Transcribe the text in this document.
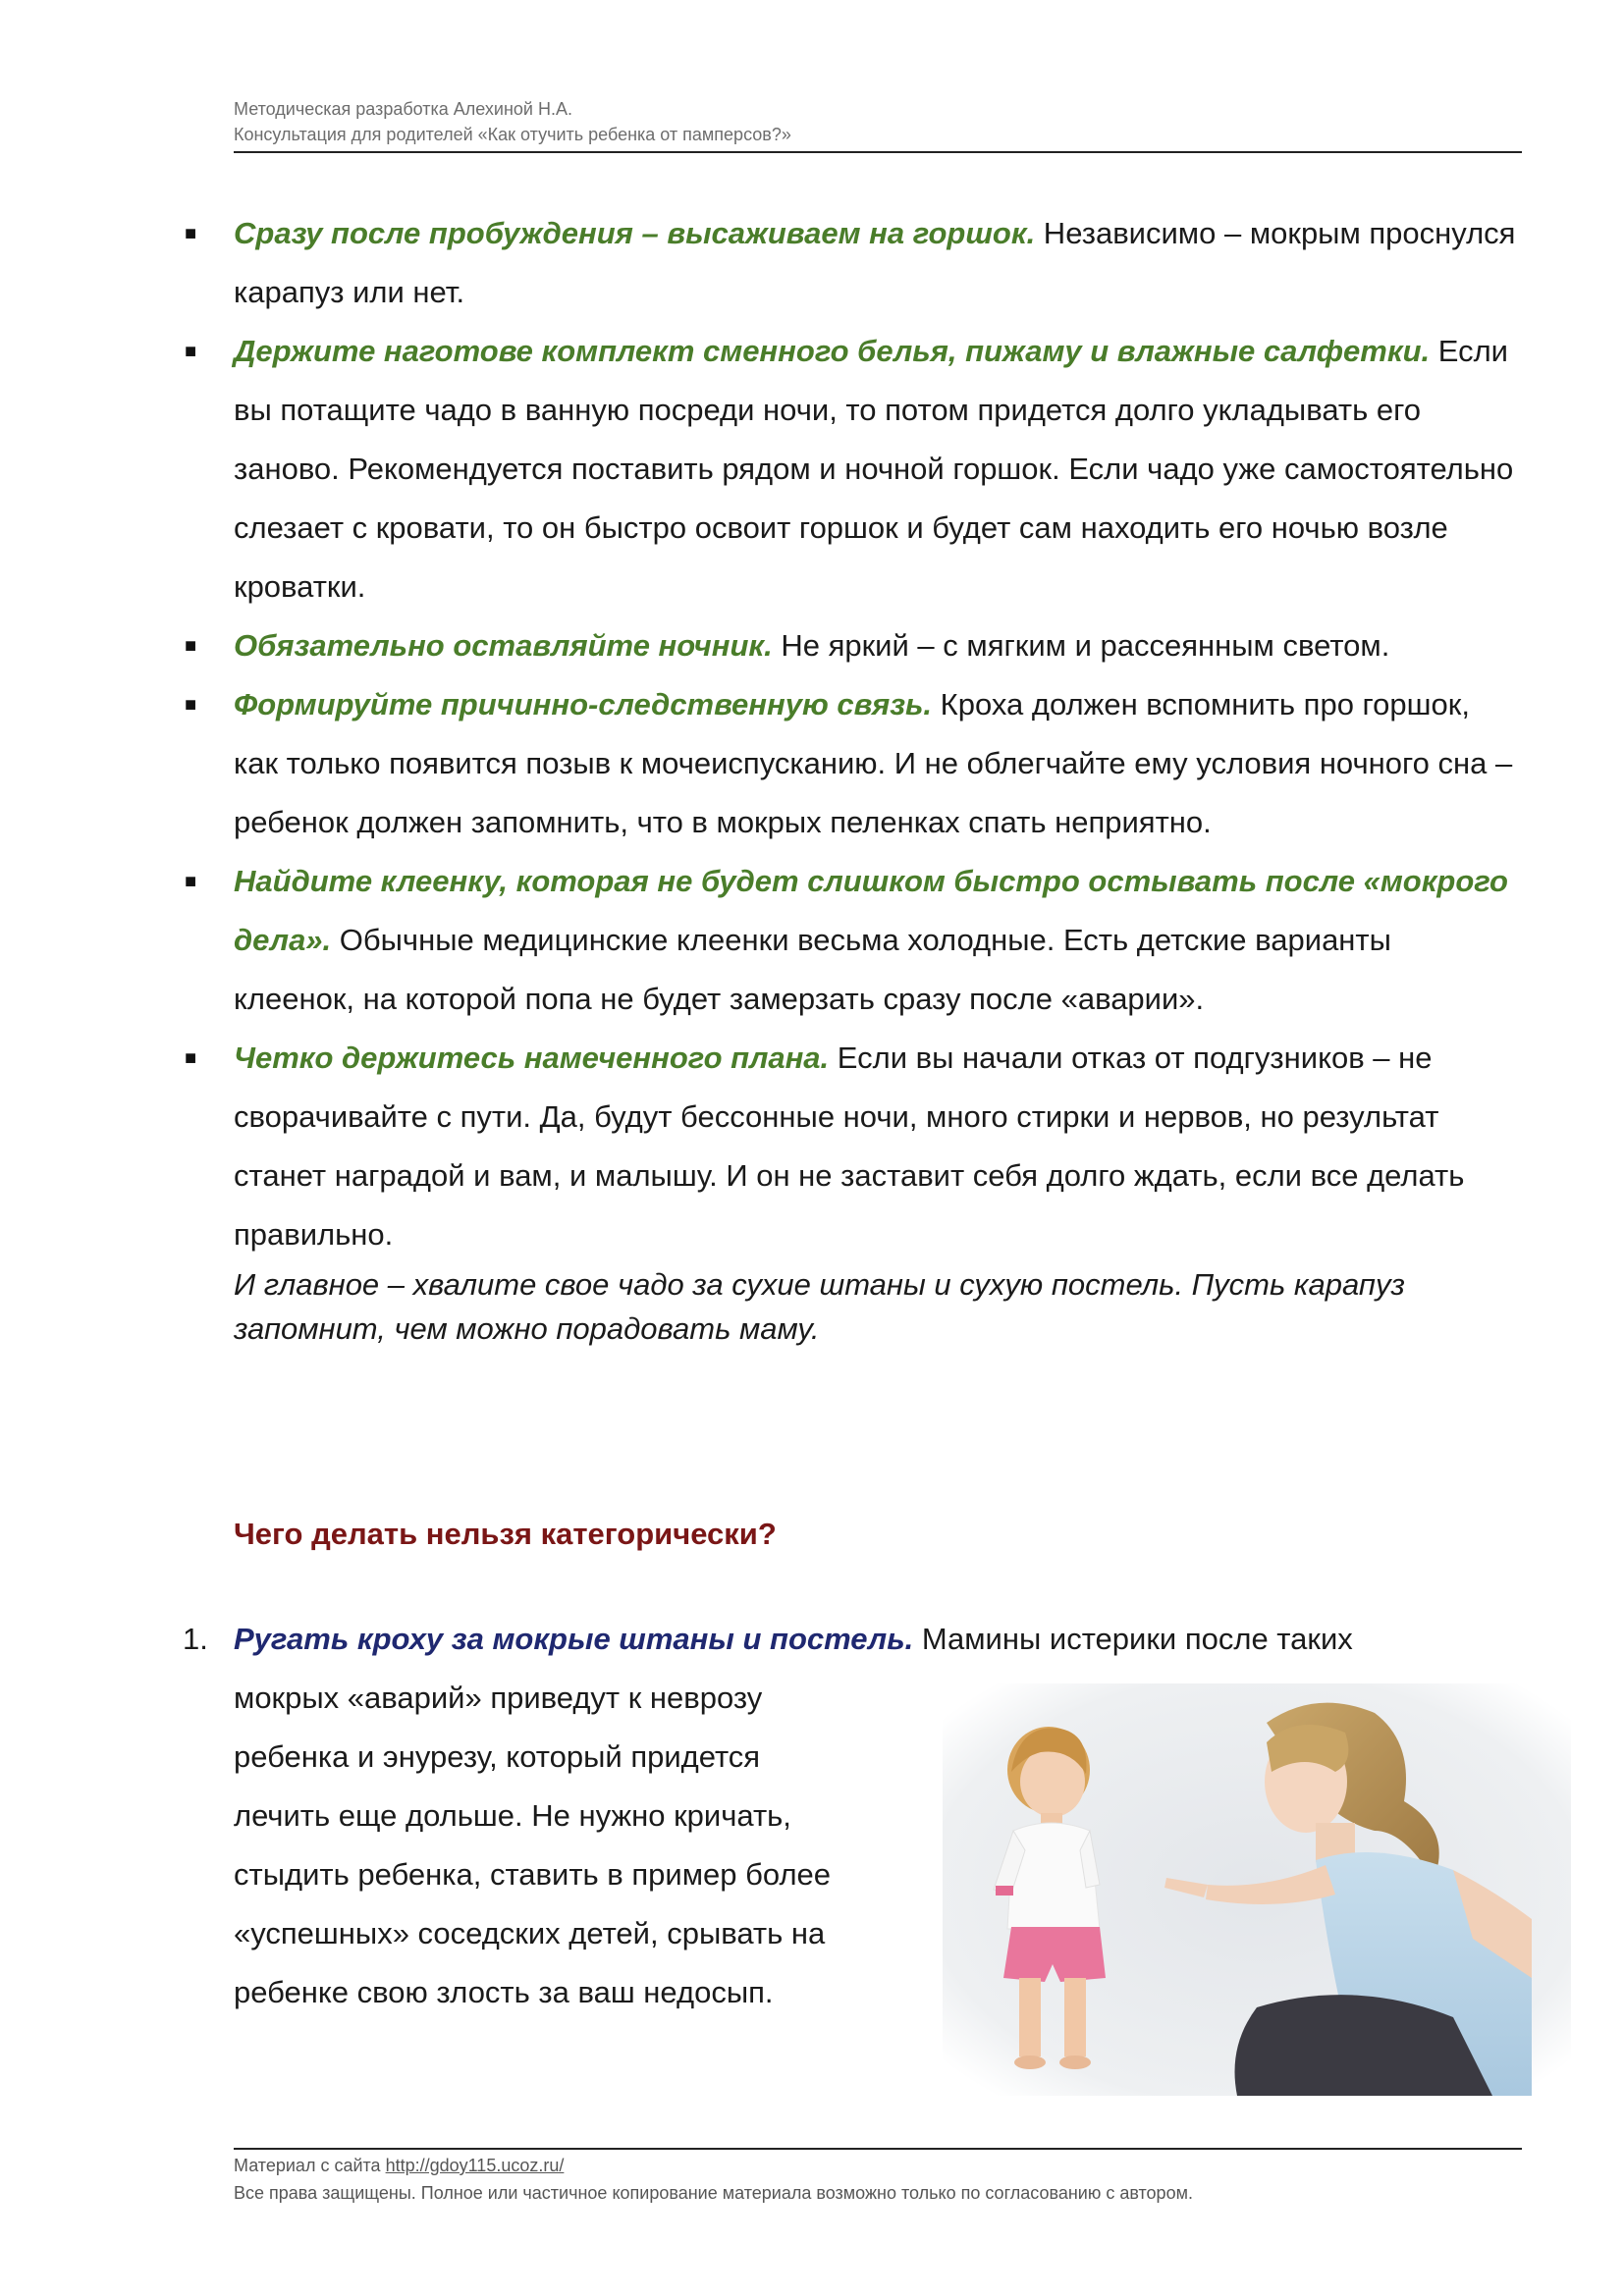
Методическая разработка Алехиной Н.А.
Консультация для родителей «Как отучить ребенка от памперсов?»
■ Сразу после пробуждения – высаживаем на горшок. Независимо – мокрым проснулся карапуз или нет.
■ Держите наготове комплект сменного белья, пижаму и влажные салфетки. Если вы потащите чадо в ванную посреди ночи, то потом придется долго укладывать его заново. Рекомендуется поставить рядом и ночной горшок. Если чадо уже самостоятельно слезает с кровати, то он быстро освоит горшок и будет сам находить его ночью возле кроватки.
■ Обязательно оставляйте ночник. Не яркий – с мягким и рассеянным светом.
■ Формируйте причинно-следственную связь. Кроха должен вспомнить про горшок, как только появится позыв к мочеиспусканию. И не облегчайте ему условия ночного сна – ребенок должен запомнить, что в мокрых пеленках спать неприятно.
■ Найдите клеенку, которая не будет слишком быстро остывать после «мокрого дела». Обычные медицинские клеенки весьма холодные. Есть детские варианты клеенок, на которой попа не будет замерзать сразу после «аварии».
■ Четко держитесь намеченного плана. Если вы начали отказ от подгузников – не сворачивайте с пути. Да, будут бессонные ночи, много стирки и нервов, но результат станет наградой и вам, и малышу. И он не заставит себя долго ждать, если все делать правильно.
И главное – хвалите свое чадо за сухие штаны и сухую постель. Пусть карапуз запомнит, чем можно порадовать маму.
Чего делать нельзя категорически?
1. Ругать кроху за мокрые штаны и постель. Мамины истерики после таких

мокрых «аварий» приведут к неврозу

ребенка и энурезу, который придется

лечить еще дольше. Не нужно кричать,

стыдить ребенка, ставить в пример более

«успешных» соседских детей, срывать на

ребенке свою злость за ваш недосып.

Материал с сайта http://gdoy115.ucoz.ru/
Все права защищены. Полное или частичное копирование материала возможно только по согласованию с автором.
